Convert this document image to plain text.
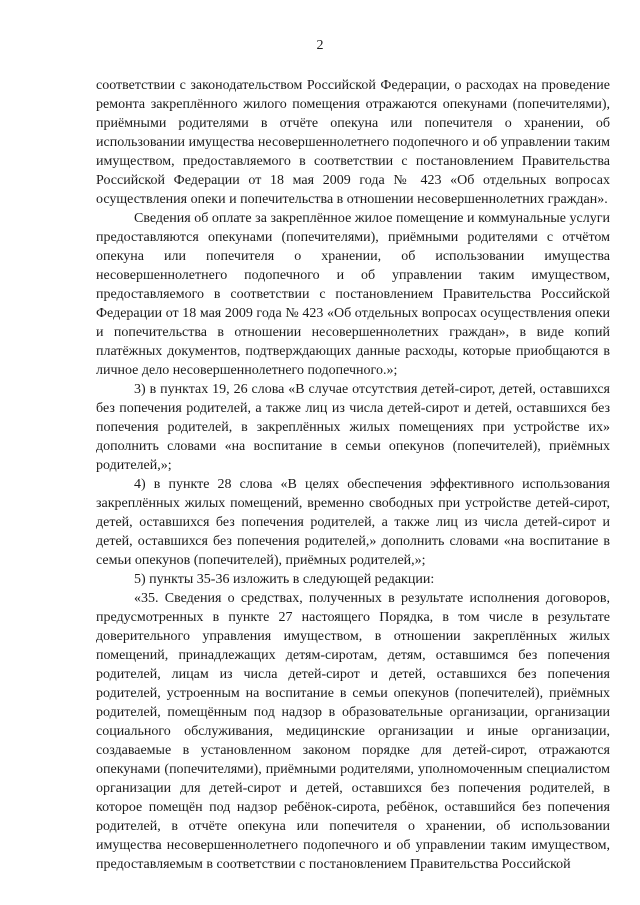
2

соответствии с законодательством Российской Федерации, о расходах на проведение ремонта закреплённого жилого помещения отражаются опекунами (попечителями), приёмными родителями в отчёте опекуна или попечителя о хранении, об использовании имущества несовершеннолетнего подопечного и об управлении таким имуществом, предоставляемого в соответствии с постановлением Правительства Российской Федерации от 18 мая 2009 года № 423 «Об отдельных вопросах осуществления опеки и попечительства в отношении несовершеннолетних граждан».

Сведения об оплате за закреплённое жилое помещение и коммунальные услуги предоставляются опекунами (попечителями), приёмными родителями с отчётом опекуна или попечителя о хранении, об использовании имущества несовершеннолетнего подопечного и об управлении таким имуществом, предоставляемого в соответствии с постановлением Правительства Российской Федерации от 18 мая 2009 года № 423 «Об отдельных вопросах осуществления опеки и попечительства в отношении несовершеннолетних граждан», в виде копий платёжных документов, подтверждающих данные расходы, которые приобщаются в личное дело несовершеннолетнего подопечного.»;

3) в пунктах 19, 26 слова «В случае отсутствия детей-сирот, детей, оставшихся без попечения родителей, а также лиц из числа детей-сирот и детей, оставшихся без попечения родителей, в закреплённых жилых помещениях при устройстве их» дополнить словами «на воспитание в семьи опекунов (попечителей), приёмных родителей,»;

4) в пункте 28 слова «В целях обеспечения эффективного использования закреплённых жилых помещений, временно свободных при устройстве детей-сирот, детей, оставшихся без попечения родителей, а также лиц из числа детей-сирот и детей, оставшихся без попечения родителей,» дополнить словами «на воспитание в семьи опекунов (попечителей), приёмных родителей,»;

5) пункты 35-36 изложить в следующей редакции:

«35. Сведения о средствах, полученных в результате исполнения договоров, предусмотренных в пункте 27 настоящего Порядка, в том числе в результате доверительного управления имуществом, в отношении закреплённых жилых помещений, принадлежащих детям-сиротам, детям, оставшимся без попечения родителей, лицам из числа детей-сирот и детей, оставшихся без попечения родителей, устроенным на воспитание в семьи опекунов (попечителей), приёмных родителей, помещённым под надзор в образовательные организации, организации социального обслуживания, медицинские организации и иные организации, создаваемые в установленном законом порядке для детей-сирот, отражаются опекунами (попечителями), приёмными родителями, уполномоченным специалистом организации для детей-сирот и детей, оставшихся без попечения родителей, в которое помещён под надзор ребёнок-сирота, ребёнок, оставшийся без попечения родителей, в отчёте опекуна или попечителя о хранении, об использовании имущества несовершеннолетнего подопечного и об управлении таким имуществом, предоставляемым в соответствии с постановлением Правительства Российской
